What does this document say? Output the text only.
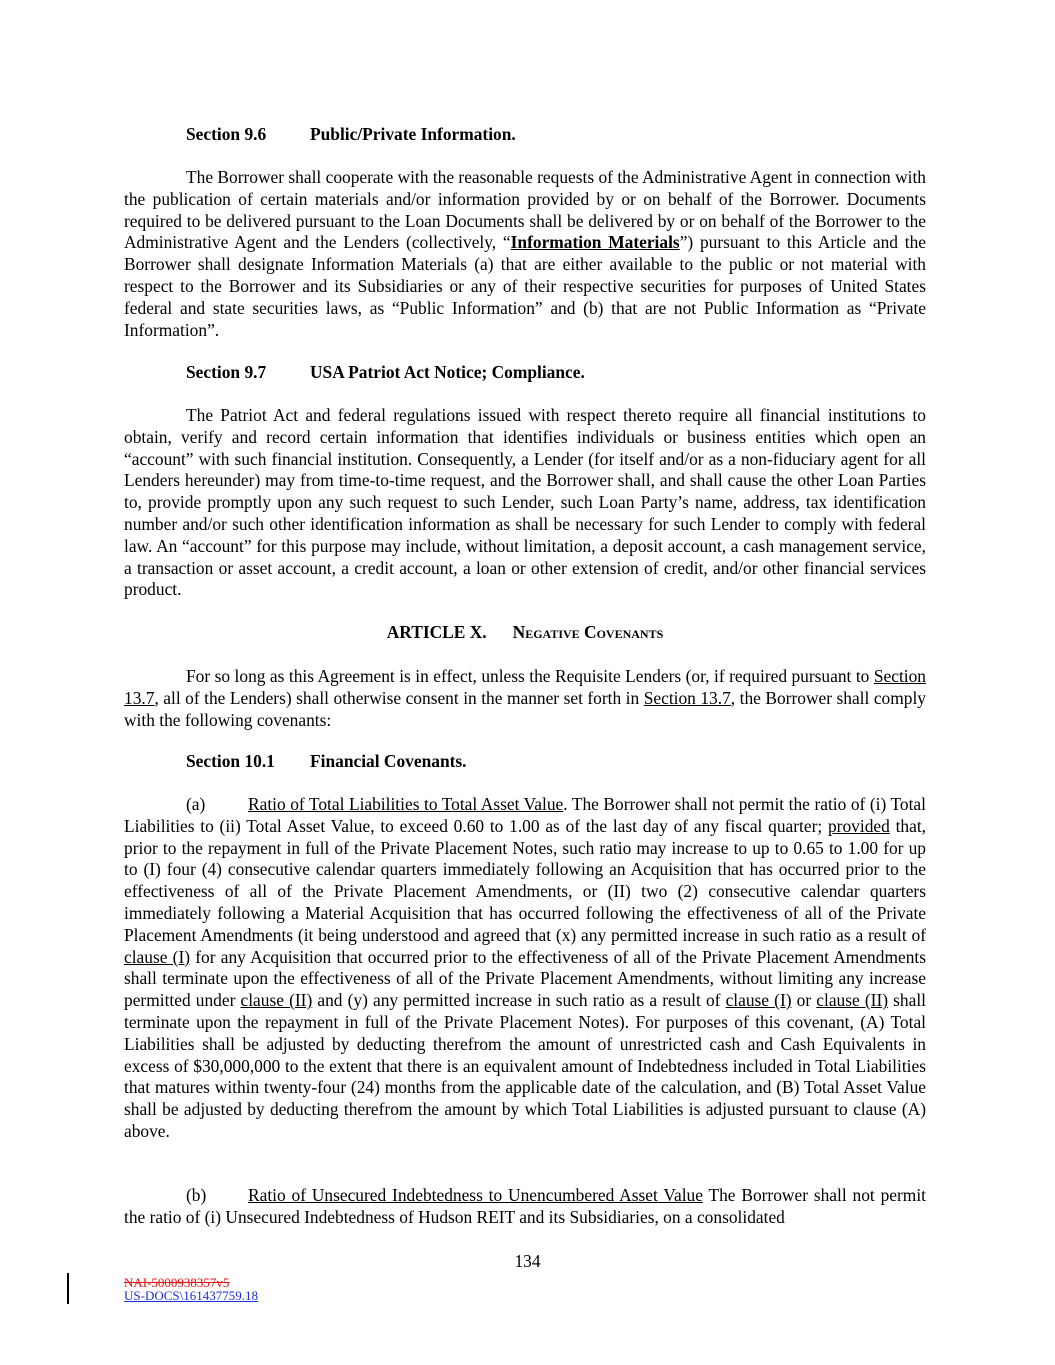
Section 9.6	Public/Private Information.
The Borrower shall cooperate with the reasonable requests of the Administrative Agent in connection with the publication of certain materials and/or information provided by or on behalf of the Borrower. Documents required to be delivered pursuant to the Loan Documents shall be delivered by or on behalf of the Borrower to the Administrative Agent and the Lenders (collectively, “Information Materials”) pursuant to this Article and the Borrower shall designate Information Materials (a) that are either available to the public or not material with respect to the Borrower and its Subsidiaries or any of their respective securities for purposes of United States federal and state securities laws, as “Public Information” and (b) that are not Public Information as “Private Information”.
Section 9.7	USA Patriot Act Notice; Compliance.
The Patriot Act and federal regulations issued with respect thereto require all financial institutions to obtain, verify and record certain information that identifies individuals or business entities which open an “account” with such financial institution. Consequently, a Lender (for itself and/or as a non-fiduciary agent for all Lenders hereunder) may from time-to-time request, and the Borrower shall, and shall cause the other Loan Parties to, provide promptly upon any such request to such Lender, such Loan Party’s name, address, tax identification number and/or such other identification information as shall be necessary for such Lender to comply with federal law. An “account” for this purpose may include, without limitation, a deposit account, a cash management service, a transaction or asset account, a credit account, a loan or other extension of credit, and/or other financial services product.
ARTICLE X. Negative Covenants
For so long as this Agreement is in effect, unless the Requisite Lenders (or, if required pursuant to Section 13.7, all of the Lenders) shall otherwise consent in the manner set forth in Section 13.7, the Borrower shall comply with the following covenants:
Section 10.1 Financial Covenants.
(a) Ratio of Total Liabilities to Total Asset Value. The Borrower shall not permit the ratio of (i) Total Liabilities to (ii) Total Asset Value, to exceed 0.60 to 1.00 as of the last day of any fiscal quarter; provided that, prior to the repayment in full of the Private Placement Notes, such ratio may increase to up to 0.65 to 1.00 for up to (I) four (4) consecutive calendar quarters immediately following an Acquisition that has occurred prior to the effectiveness of all of the Private Placement Amendments, or (II) two (2) consecutive calendar quarters immediately following a Material Acquisition that has occurred following the effectiveness of all of the Private Placement Amendments (it being understood and agreed that (x) any permitted increase in such ratio as a result of clause (I) for any Acquisition that occurred prior to the effectiveness of all of the Private Placement Amendments shall terminate upon the effectiveness of all of the Private Placement Amendments, without limiting any increase permitted under clause (II) and (y) any permitted increase in such ratio as a result of clause (I) or clause (II) shall terminate upon the repayment in full of the Private Placement Notes). For purposes of this covenant, (A) Total Liabilities shall be adjusted by deducting therefrom the amount of unrestricted cash and Cash Equivalents in excess of $30,000,000 to the extent that there is an equivalent amount of Indebtedness included in Total Liabilities that matures within twenty-four (24) months from the applicable date of the calculation, and (B) Total Asset Value shall be adjusted by deducting therefrom the amount by which Total Liabilities is adjusted pursuant to clause (A) above.
(b) Ratio of Unsecured Indebtedness to Unencumbered Asset Value The Borrower shall not permit the ratio of (i) Unsecured Indebtedness of Hudson REIT and its Subsidiaries, on a consolidated
134
NAI-5000938357v5
US-DOCS\161437759.18
